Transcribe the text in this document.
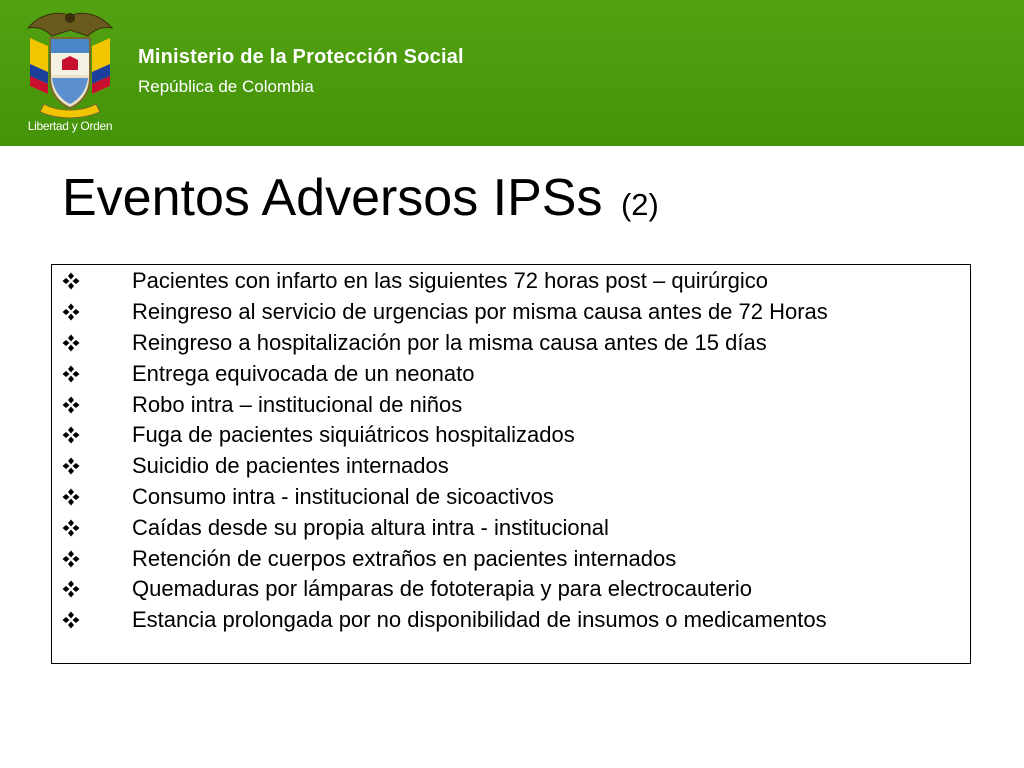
Libertad y Orden
Ministerio de la Protección Social
República de Colombia
Eventos Adversos IPSs (2)
Pacientes con infarto en las siguientes 72 horas post – quirúrgico
Reingreso al servicio de urgencias por misma causa antes de 72 Horas
Reingreso a hospitalización por la misma causa antes de 15 días
Entrega equivocada de un neonato
Robo intra – institucional de niños
Fuga de pacientes siquiátricos hospitalizados
Suicidio de pacientes internados
Consumo intra - institucional de sicoactivos
Caídas desde su propia altura intra - institucional
Retención de cuerpos extraños en pacientes internados
Quemaduras por lámparas de fototerapia y para electrocauterio
Estancia prolongada por no disponibilidad de insumos o medicamentos
